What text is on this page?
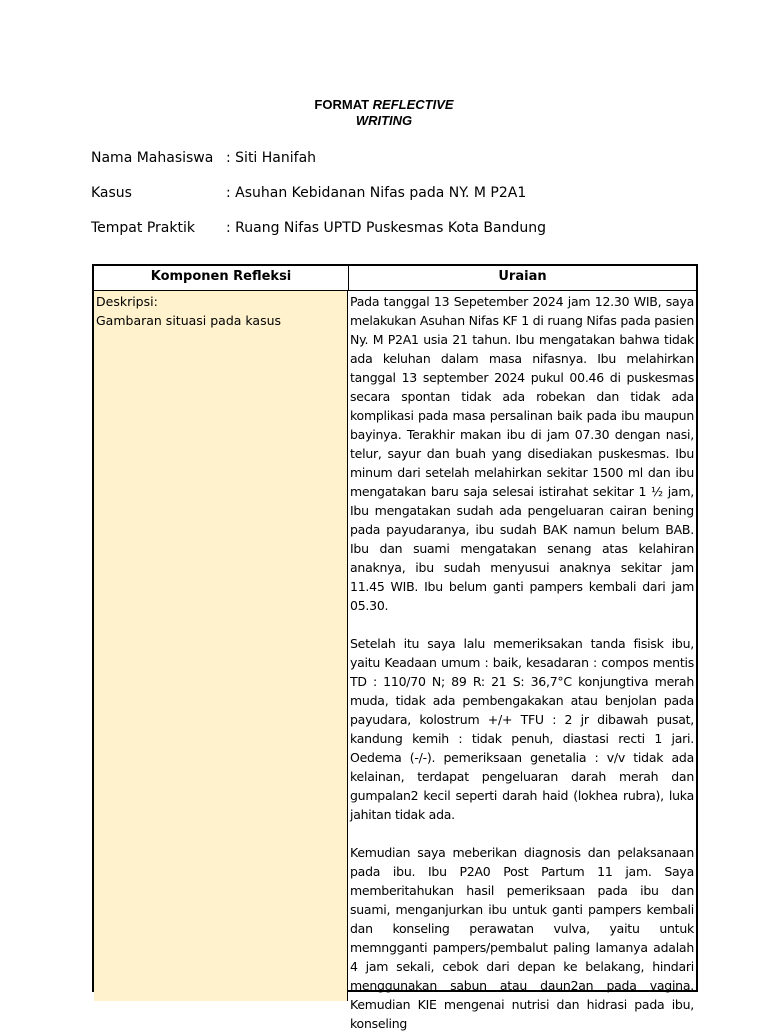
FORMAT REFLECTIVE
WRITING
Nama Mahasiswa : Siti Hanifah
Kasus	: Asuhan Kebidanan Nifas pada NY. M P2A1
Tempat Praktik : Ruang Nifas UPTD Puskesmas Kota Bandung
Komponen Refleksi	Uraian
Deskripsi:
Gambaran situasi pada kasus

Pada tanggal 13 Sepetember 2024 jam 12.30 WIB, saya melakukan Asuhan Nifas KF 1 di ruang Nifas pada pasien Ny. M P2A1 usia 21 tahun. Ibu mengatakan bahwa tidak ada keluhan dalam masa nifasnya. Ibu melahirkan tanggal 13 september 2024 pukul 00.46 di puskesmas secara spontan tidak ada robekan dan tidak ada komplikasi pada masa persalinan baik pada ibu maupun bayinya. Terakhir makan ibu di jam 07.30 dengan nasi, telur, sayur dan buah yang disediakan puskesmas. Ibu minum dari setelah melahirkan sekitar 1500 ml dan ibu mengatakan baru saja selesai istirahat sekitar 1 ½ jam, Ibu mengatakan sudah ada pengeluaran cairan bening pada payudaranya, ibu sudah BAK namun belum BAB. Ibu dan suami mengatakan senang atas kelahiran anaknya, ibu sudah menyusui anaknya sekitar jam 11.45 WIB. Ibu belum ganti pampers kembali dari jam 05.30.

Setelah itu saya lalu memeriksakan tanda fisisk ibu, yaitu Keadaan umum : baik, kesadaran : compos mentis TD : 110/70 N; 89 R: 21 S: 36,7°C konjungtiva merah muda, tidak ada pembengakakan atau benjolan pada payudara, kolostrum +/+ TFU : 2 jr dibawah pusat, kandung kemih : tidak penuh, diastasi recti 1 jari. Oedema (-/-). pemeriksaan genetalia : v/v tidak ada kelainan, terdapat pengeluaran darah merah dan gumpalan2 kecil seperti darah haid (lokhea rubra), luka jahitan tidak ada.

Kemudian saya meberikan diagnosis dan pelaksanaan pada ibu. Ibu P2A0 Post Partum 11 jam. Saya memberitahukan hasil pemeriksaan pada ibu dan suami, menganjurkan ibu untuk ganti pampers kembali dan konseling perawatan vulva, yaitu untuk memngganti pampers/pembalut paling lamanya adalah 4 jam sekali, cebok dari depan ke belakang, hindari menggunakan sabun atau daun2an pada vagina. Kemudian KIE mengenai nutrisi dan hidrasi pada ibu, konseling
